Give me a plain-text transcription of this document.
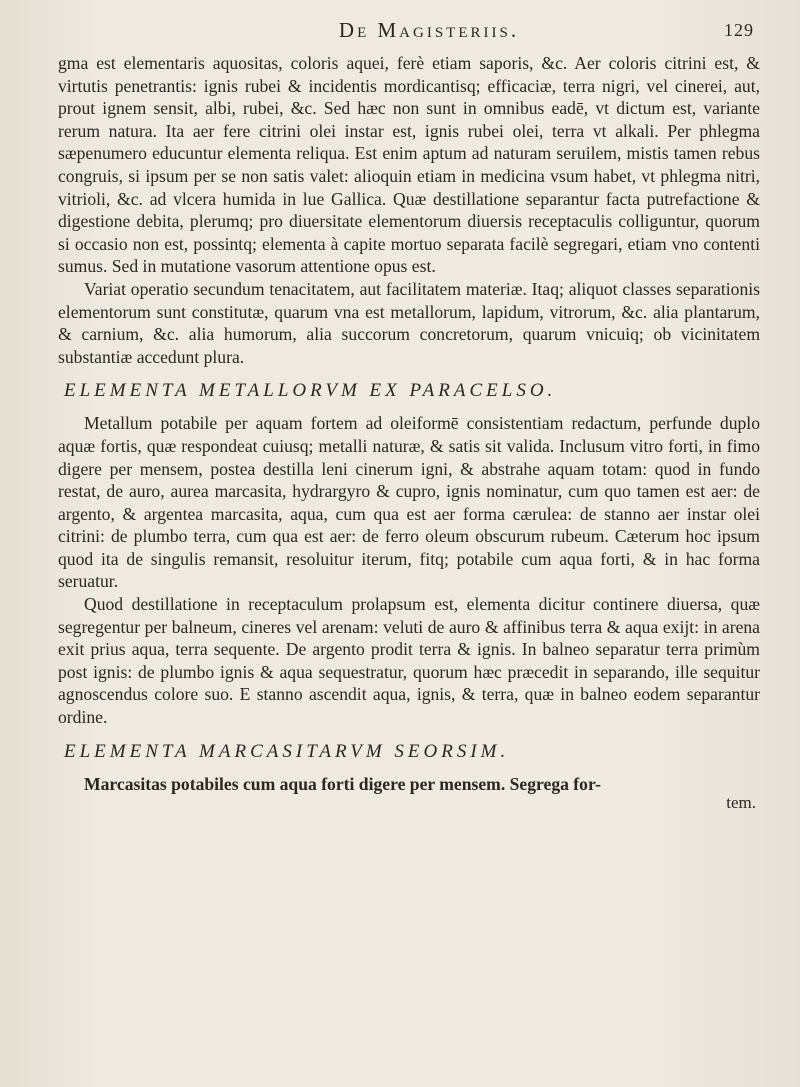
De Magisteriis.	129

gma est elementaris aquositas, coloris aquei, ferè etiam saporis, &c. Aer coloris citrini est, & virtutis penetrantis: ignis rubei & incidentis mordicantisq; efficaciæ, terra nigri, vel cinerei, aut, prout ignem sensit, albi, rubei, &c. Sed hæc non sunt in omnibus eadē, vt dictum est, variante rerum natura. Ita aer fere citrini olei instar est, ignis rubei olei, terra vt alkali. Per phlegma sæpenumero educuntur elementa reliqua. Est enim aptum ad naturam seruilem, mistis tamen rebus congruis, si ipsum per se non satis valet: alioquin etiam in medicina vsum habet, vt phlegma nitri, vitrioli, &c. ad vlcera humida in lue Gallica. Quæ destillatione separantur facta putrefactione & digestione debita, plerumq; pro diuersitate elementorum diuersis receptaculis colliguntur, quorum si occasio non est, possintq; elementa à capite mortuo separata facilè segregari, etiam vno contenti sumus. Sed in mutatione vasorum attentione opus est.

Variat operatio secundum tenacitatem, aut facilitatem materiæ. Itaq; aliquot classes separationis elementorum sunt constitutæ, quarum vna est metallorum, lapidum, vitrorum, &c. alia plantarum, & carnium, &c. alia humorum, alia succorum concretorum, quarum vnicuiq; ob vicinitatem substantiæ accedunt plura.

ELEMENTA METALLORVM EX PARACELSO.

Metallum potabile per aquam fortem ad oleiformē consistentiam redactum, perfunde duplo aquæ fortis, quæ respondeat cuiusq; metalli naturæ, & satis sit valida. Inclusum vitro forti, in fimo digere per mensem, postea destilla leni cinerum igni, & abstrahe aquam totam: quod in fundo restat, de auro, aurea marcasita, hydrargyro & cupro, ignis nominatur, cum quo tamen est aer: de argento, & argentea marcasita, aqua, cum qua est aer forma cærulea: de stanno aer instar olei citrini: de plumbo terra, cum qua est aer: de ferro oleum obscurum rubeum. Cæterum hoc ipsum quod ita de singulis remansit, resoluitur iterum, fitq; potabile cum aqua forti, & in hac forma seruatur.

Quod destillatione in receptaculum prolapsum est, elementa dicitur continere diuersa, quæ segregentur per balneum, cineres vel arenam: veluti de auro & affinibus terra & aqua exijt: in arena exit prius aqua, terra sequente. De argento prodit terra & ignis. In balneo separatur terra primùm post ignis: de plumbo ignis & aqua sequestratur, quorum hæc præcedit in separando, ille sequitur agnoscendus colore suo. E stanno ascendit aqua, ignis, & terra, quæ in balneo eodem separantur ordine.

ELEMENTA MARCASITARVM SEORSIM.

Marcasitas potabiles cum aqua forti digere per mensem. Segrega for-

tem.
